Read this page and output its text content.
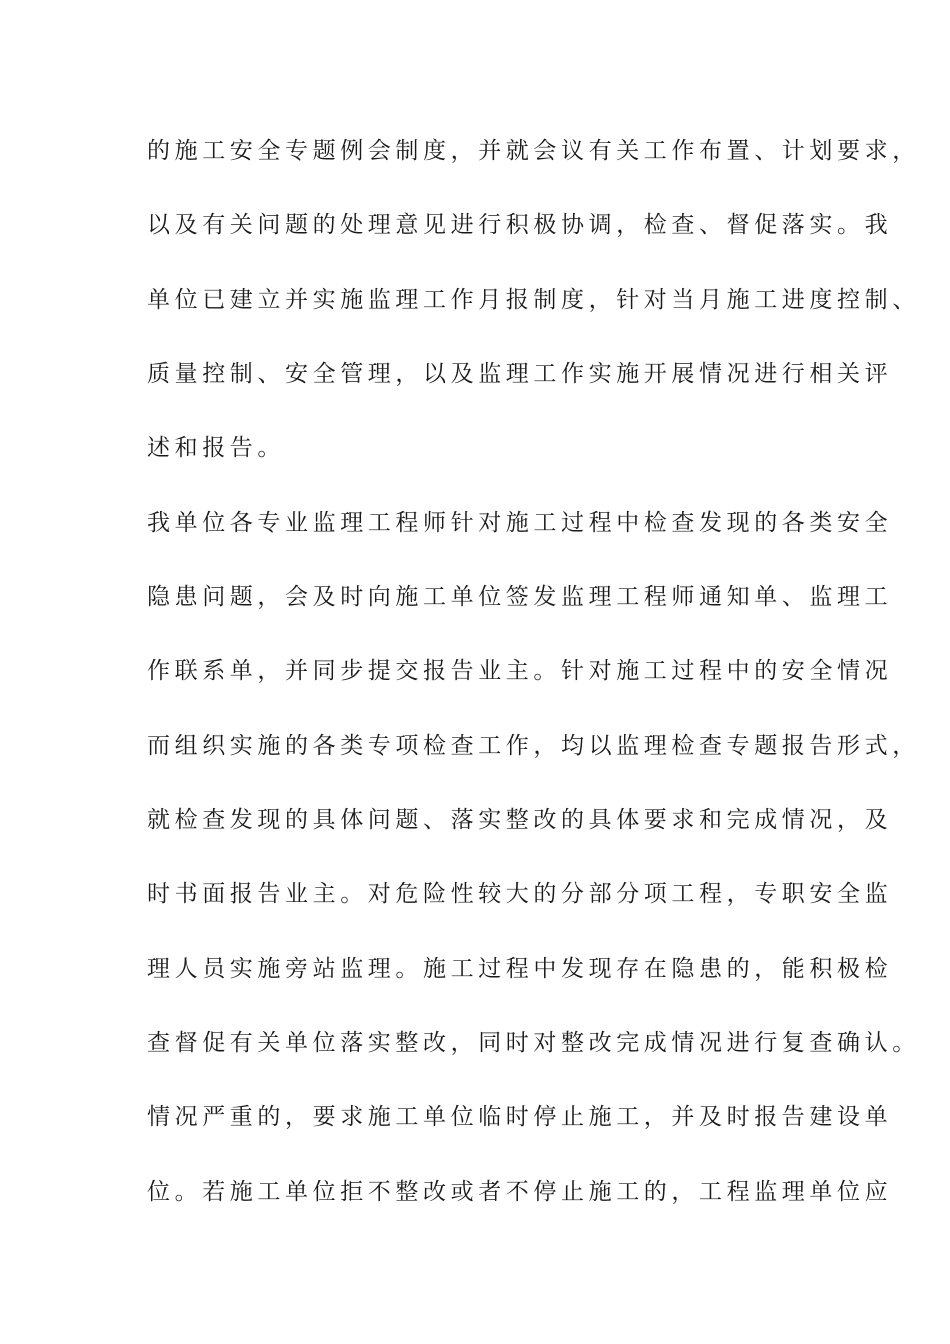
的施工安全专题例会制度，并就会议有关工作布置、计划要求，
以及有关问题的处理意见进行积极协调，检查、督促落实。我
单位已建立并实施监理工作月报制度，针对当月施工进度控制、
质量控制、安全管理，以及监理工作实施开展情况进行相关评
述和报告。
我单位各专业监理工程师针对施工过程中检查发现的各类安全
隐患问题，会及时向施工单位签发监理工程师通知单、监理工
作联系单，并同步提交报告业主。针对施工过程中的安全情况
而组织实施的各类专项检查工作，均以监理检查专题报告形式，
就检查发现的具体问题、落实整改的具体要求和完成情况，及
时书面报告业主。对危险性较大的分部分项工程，专职安全监
理人员实施旁站监理。施工过程中发现存在隐患的，能积极检
查督促有关单位落实整改，同时对整改完成情况进行复查确认。
情况严重的，要求施工单位临时停止施工，并及时报告建设单
位。若施工单位拒不整改或者不停止施工的，工程监理单位应
